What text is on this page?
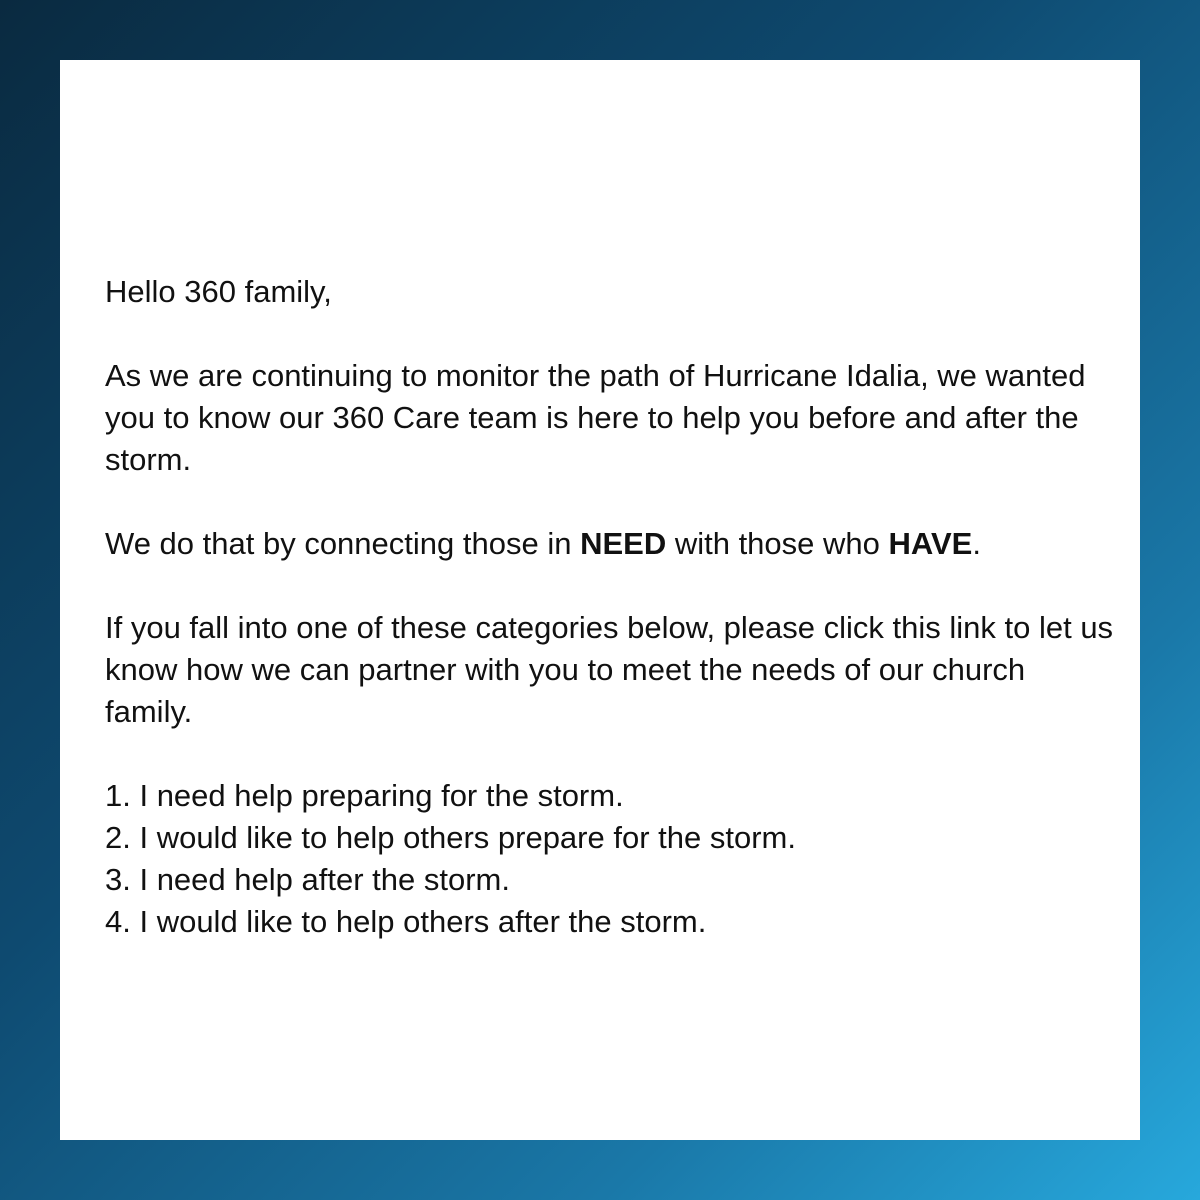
Hello 360 family,

As we are continuing to monitor the path of Hurricane Idalia, we wanted you to know our 360 Care team is here to help you before and after the storm.

We do that by connecting those in NEED with those who HAVE.

If you fall into one of these categories below, please click this link to let us know how we can partner with you to meet the needs of our church family.

1. I need help preparing for the storm.
2. I would like to help others prepare for the storm.
3. I need help after the storm.
4. I would like to help others after the storm.
